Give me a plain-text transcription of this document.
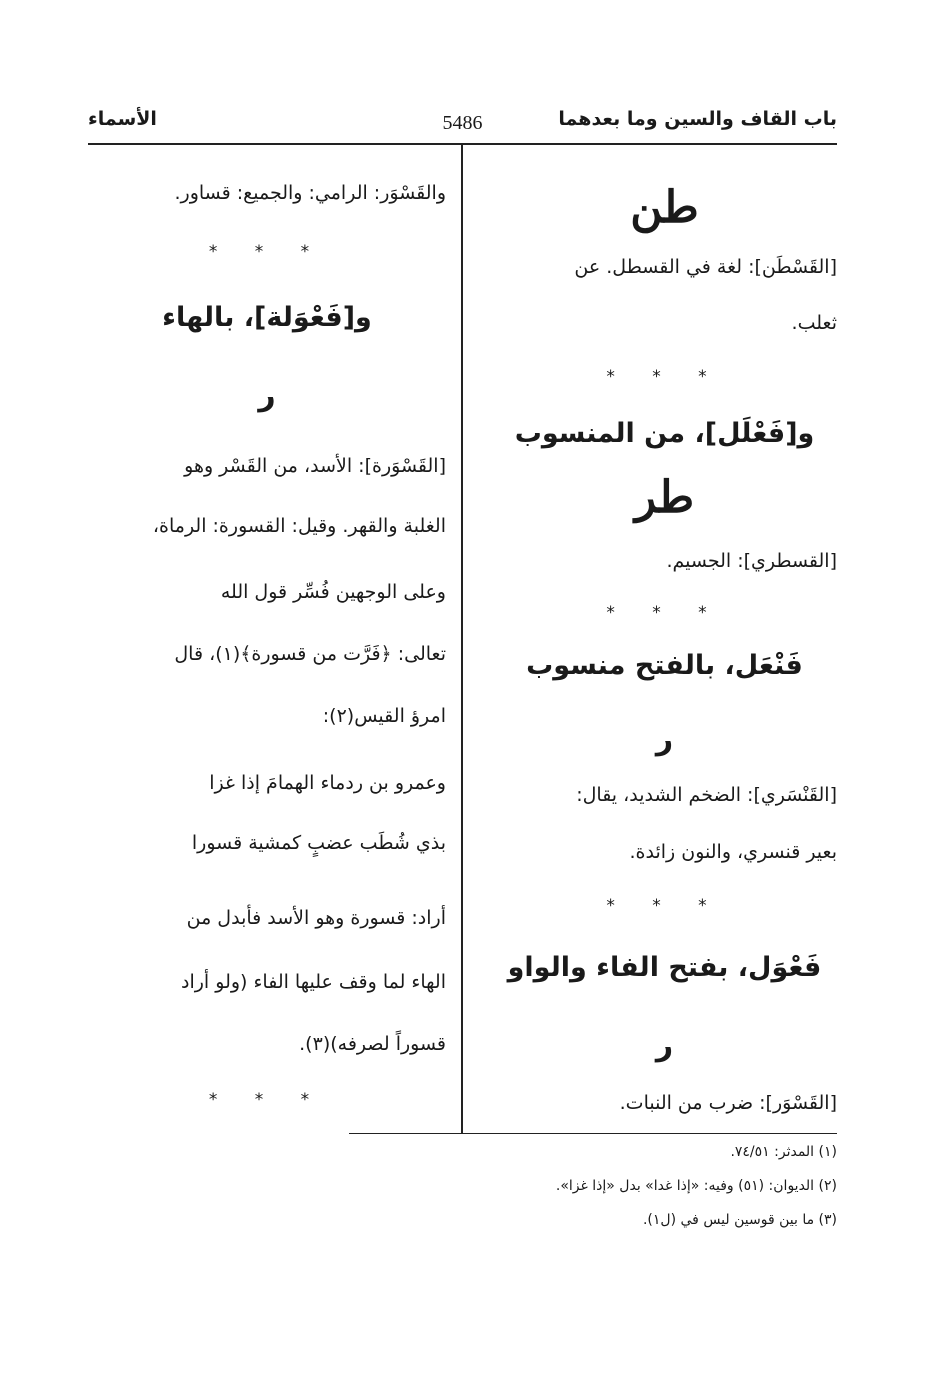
باب القاف والسين وما بعدهما
5486
الأسماء
طن
[القَسْطَن]: لغة في القسطل. عن
ثعلب.
* * *
و[فَعْلَل]، من المنسوب
طر
[القسطري]: الجسيم.
* * *
فَنْعَل، بالفتح منسوب
ر
[القَنْسَري]: الضخم الشديد، يقال:
بعير قنسري، والنون زائدة.
* * *
فَعْوَل، بفتح الفاء والواو
ر
[القَسْوَر]: ضرب من النبات.
والقَسْوَر: الرامي: والجميع: قساور.
* * *
و[فَعْوَلة]، بالهاء
ر
[القَسْوَرة]: الأسد، من القَسْر وهو
الغلبة والقهر. وقيل: القسورة: الرماة،
وعلى الوجهين فُسِّر قول الله
تعالى: ﴿فَرَّت من قسورة﴾(١)، قال
امرؤ القيس(٢):
وعمرو بن ردماء الهمامَ إذا غزا
بذي شُطَب عضبٍ كمشية قسورا
أراد: قسورة وهو الأسد فأبدل من
الهاء لما وقف عليها الفاء (ولو أراد
قسوراً لصرفه)(٣).
* * *
(١) المدثر: ٧٤/٥١.
(٢) الديوان: (٥١) وفيه: «إذا غدا» بدل «إذا غزا».
(٣) ما بين قوسين ليس في (ل١).
